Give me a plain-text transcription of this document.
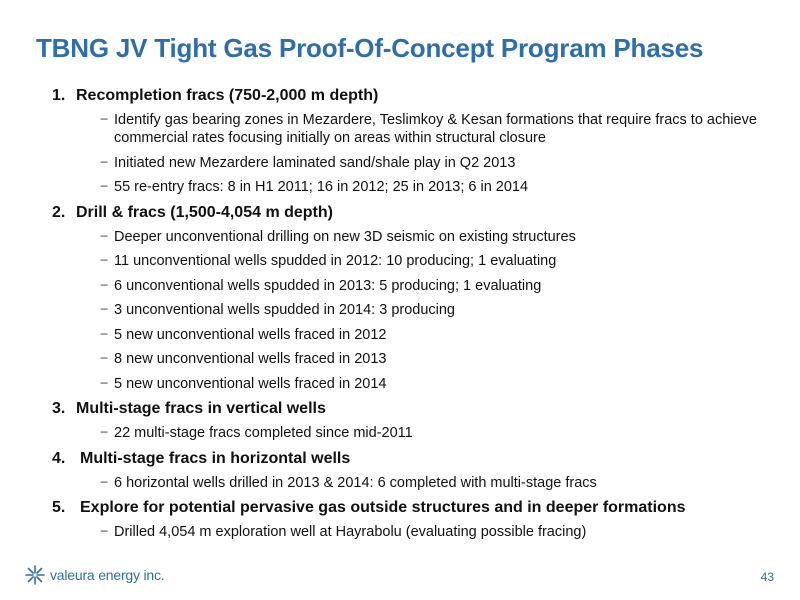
TBNG JV Tight Gas Proof-Of-Concept Program Phases
1. Recompletion fracs (750-2,000 m depth)
− Identify gas bearing zones in Mezardere, Teslimkoy & Kesan formations that require fracs to achieve commercial rates focusing initially on areas within structural closure
− Initiated new Mezardere laminated sand/shale play in Q2 2013
− 55 re-entry fracs: 8 in H1 2011; 16 in 2012; 25 in 2013; 6 in 2014
2. Drill & fracs (1,500-4,054 m depth)
− Deeper unconventional drilling on new 3D seismic on existing structures
− 11 unconventional wells spudded in 2012: 10 producing; 1 evaluating
− 6 unconventional wells spudded in 2013: 5 producing; 1 evaluating
− 3 unconventional wells spudded in 2014: 3 producing
− 5 new unconventional wells fraced in 2012
− 8 new unconventional wells fraced in 2013
− 5 new unconventional wells fraced in 2014
3. Multi-stage fracs in vertical wells
− 22 multi-stage fracs completed since mid-2011
4. Multi-stage fracs in horizontal wells
− 6 horizontal wells drilled in 2013 & 2014: 6 completed with multi-stage fracs
5. Explore for potential pervasive gas outside structures and in deeper formations
− Drilled 4,054 m exploration well at Hayrabolu (evaluating possible fracing)
valeura energy inc.	43
